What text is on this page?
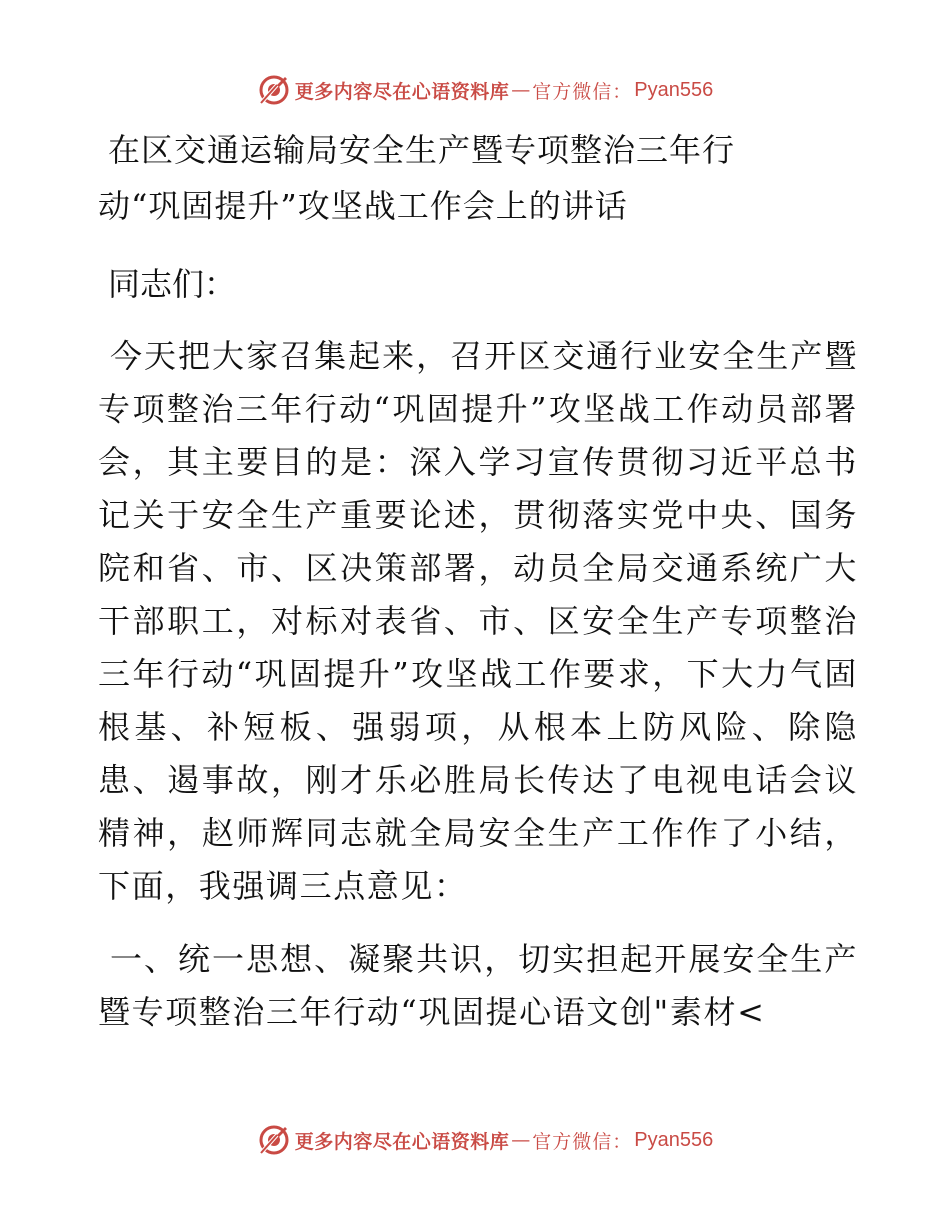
更多内容尽在心语资料库 — 官方微信： Pyan556
在区交通运输局安全生产暨专项整治三年行
动“巩固提升”攻坚战工作会上的讲话

同志们：

今天把大家召集起来，召开区交通行业安全生产暨专项整治三年行动“巩固提升”攻坚战工作动员部署会，其主要目的是：深入学习宣传贯彻习近平总书记关于安全生产重要论述，贯彻落实党中央、国务院和省、市、区决策部署，动员全局交通系统广大干部职工，对标对表省、市、区安全生产专项整治三年行动“巩固提升”攻坚战工作要求，下大力气固根基、补短板、强弱项，从根本上防风险、除隐患、遏事故，刚才乐必胜局长传达了电视电话会议精神，赵师辉同志就全局安全生产工作作了小结，下面，我强调三点意见：

一、统一思想、凝聚共识，切实担起开展安全生产暨专项整治三年行动“巩固提心语文创"素材<

更多内容尽在心语资料库 — 官方微信： Pyan556
